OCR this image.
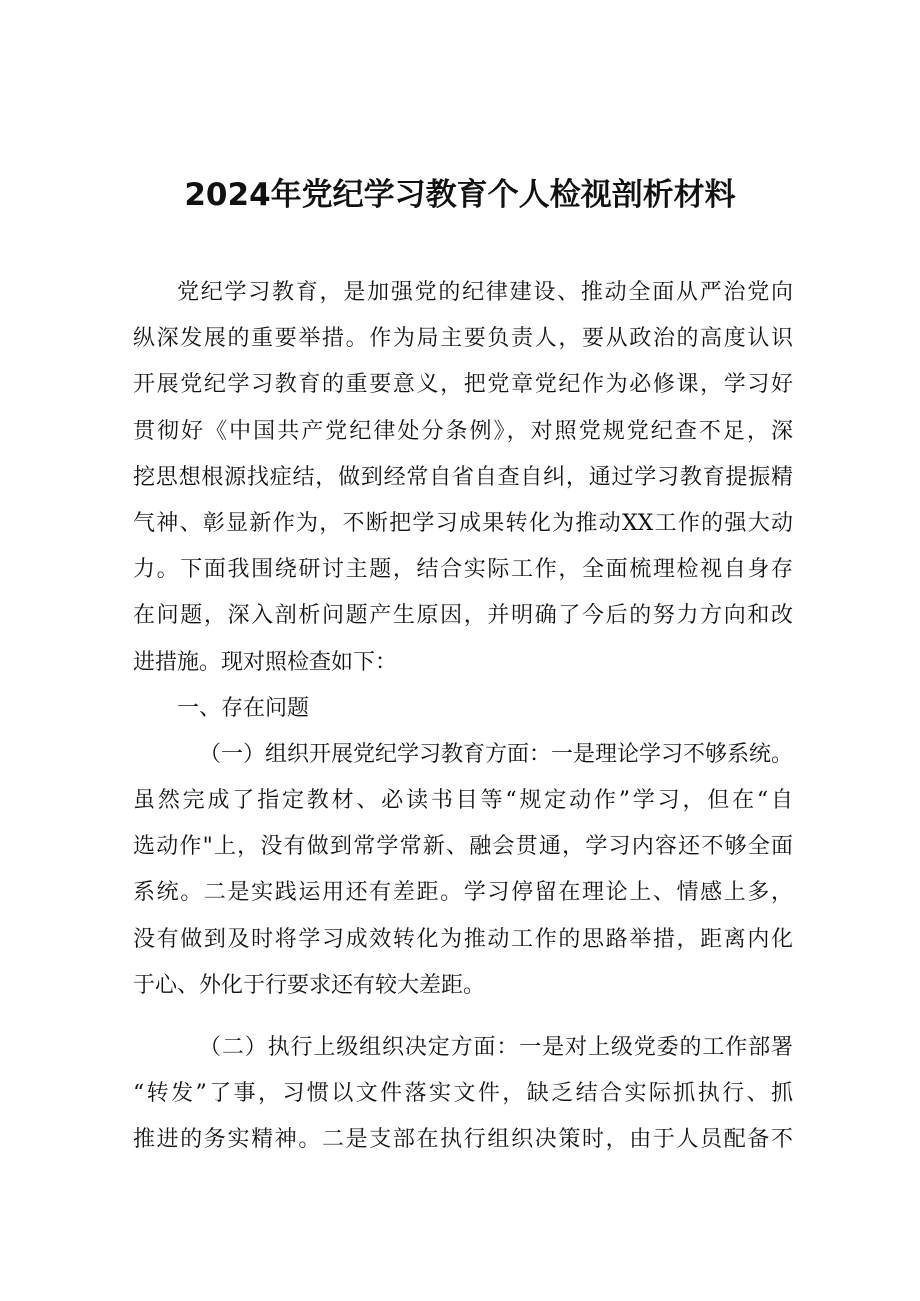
2024年党纪学习教育个人检视剖析材料
党纪学习教育，是加强党的纪律建设、推动全面从严治党向
纵深发展的重要举措。作为局主要负责人，要从政治的高度认识
开展党纪学习教育的重要意义，把党章党纪作为必修课，学习好
贯彻好《中国共产党纪律处分条例》，对照党规党纪查不足，深
挖思想根源找症结，做到经常自省自查自纠，通过学习教育提振精
气神、彰显新作为，不断把学习成果转化为推动XX工作的强大动
力。下面我围绕研讨主题，结合实际工作，全面梳理检视自身存
在问题，深入剖析问题产生原因，并明确了今后的努力方向和改
进措施。现对照检查如下：
一、存在问题
（一）组织开展党纪学习教育方面：一是理论学习不够系统。
虽然完成了指定教材、必读书目等“规定动作”学习，但在“自
选动作"上，没有做到常学常新、融会贯通，学习内容还不够全面
系统。二是实践运用还有差距。学习停留在理论上、情感上多，
没有做到及时将学习成效转化为推动工作的思路举措，距离内化
于心、外化于行要求还有较大差距。
（二）执行上级组织决定方面：一是对上级党委的工作部署
“转发”了事，习惯以文件落实文件，缺乏结合实际抓执行、抓
推进的务实精神。二是支部在执行组织决策时，由于人员配备不
